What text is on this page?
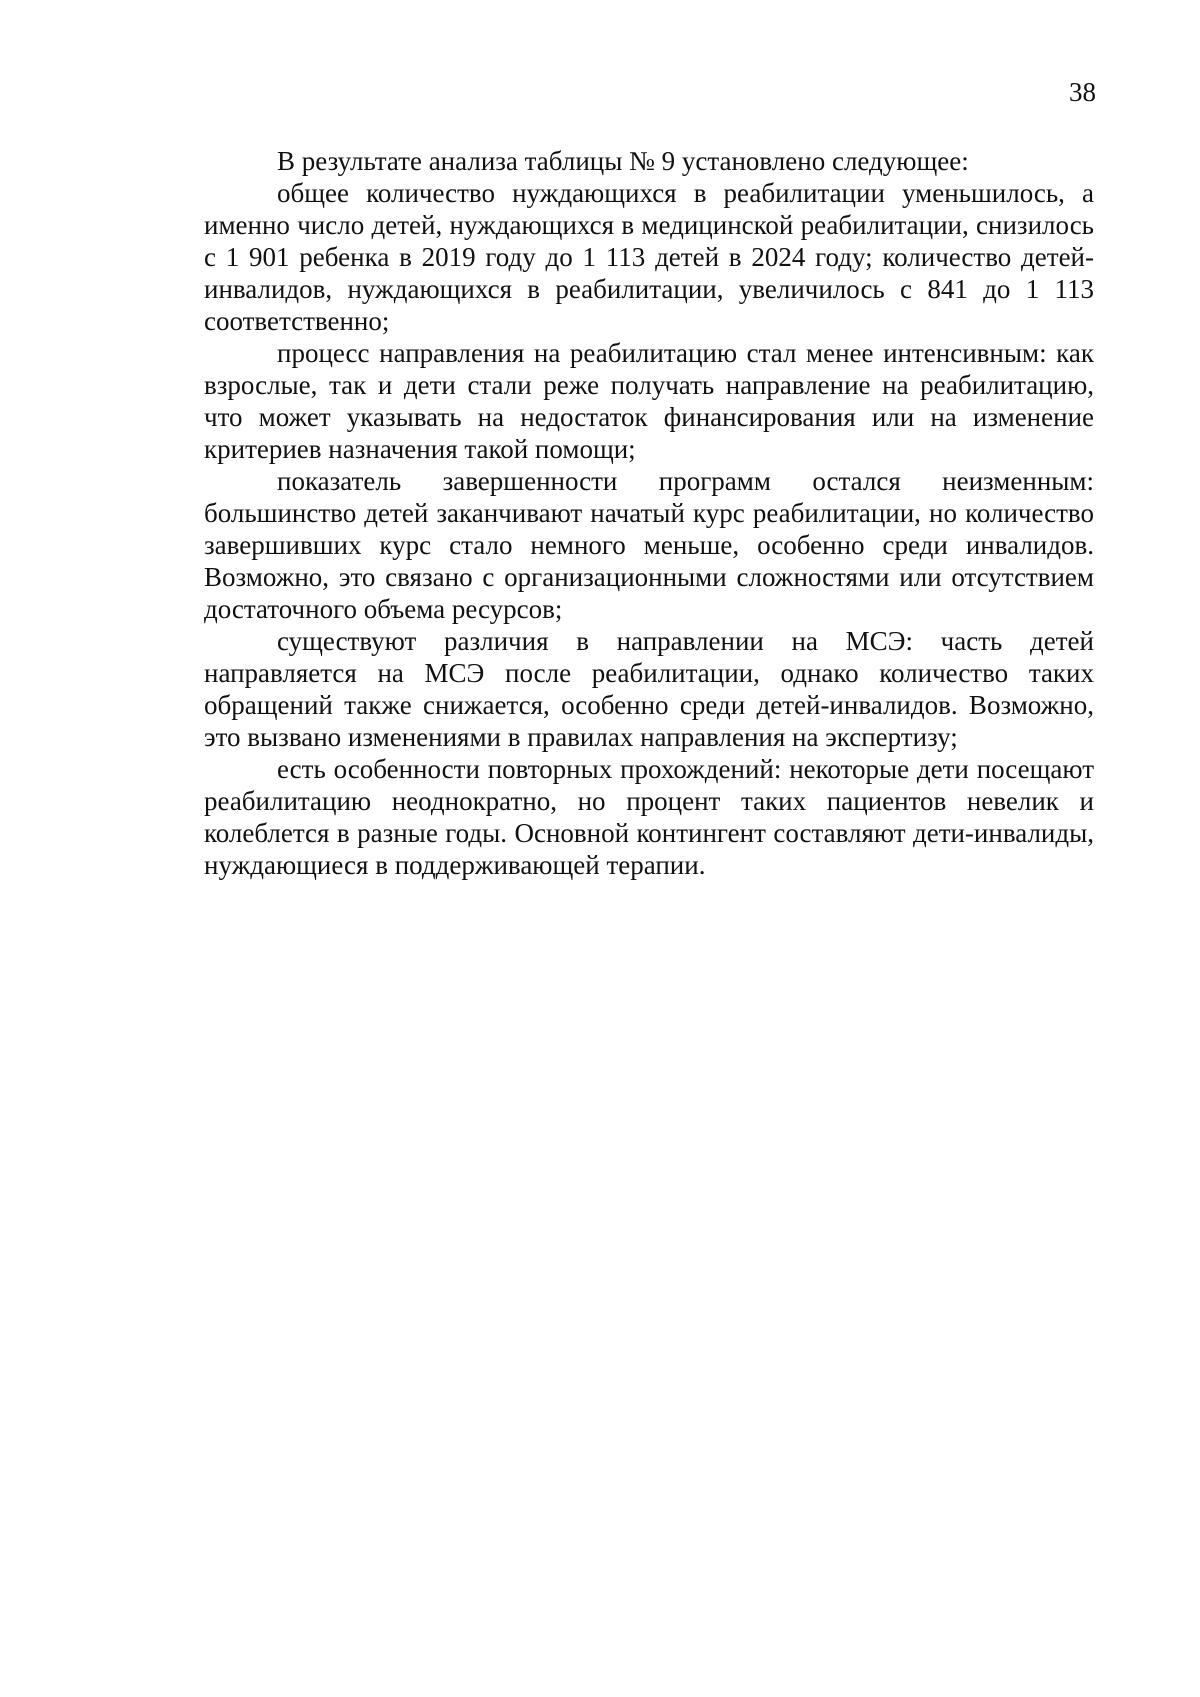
38

В результате анализа таблицы № 9 установлено следующее:

общее количество нуждающихся в реабилитации уменьшилось, а именно число детей, нуждающихся в медицинской реабилитации, снизилось с 1 901 ребенка в 2019 году до 1 113 детей в 2024 году; количество детей-инвалидов, нуждающихся в реабилитации, увеличилось с 841 до 1 113 соответственно;

процесс направления на реабилитацию стал менее интенсивным: как взрослые, так и дети стали реже получать направление на реабилитацию, что может указывать на недостаток финансирования или на изменение критериев назначения такой помощи;

показатель завершенности программ остался неизменным: большинство детей заканчивают начатый курс реабилитации, но количество завершивших курс стало немного меньше, особенно среди инвалидов. Возможно, это связано с организационными сложностями или отсутствием достаточного объема ресурсов;

существуют различия в направлении на МСЭ: часть детей направляется на МСЭ после реабилитации, однако количество таких обращений также снижается, особенно среди детей-инвалидов. Возможно, это вызвано изменениями в правилах направления на экспертизу;

есть особенности повторных прохождений: некоторые дети посещают реабилитацию неоднократно, но процент таких пациентов невелик и колеблется в разные годы. Основной контингент составляют дети-инвалиды, нуждающиеся в поддерживающей терапии.
